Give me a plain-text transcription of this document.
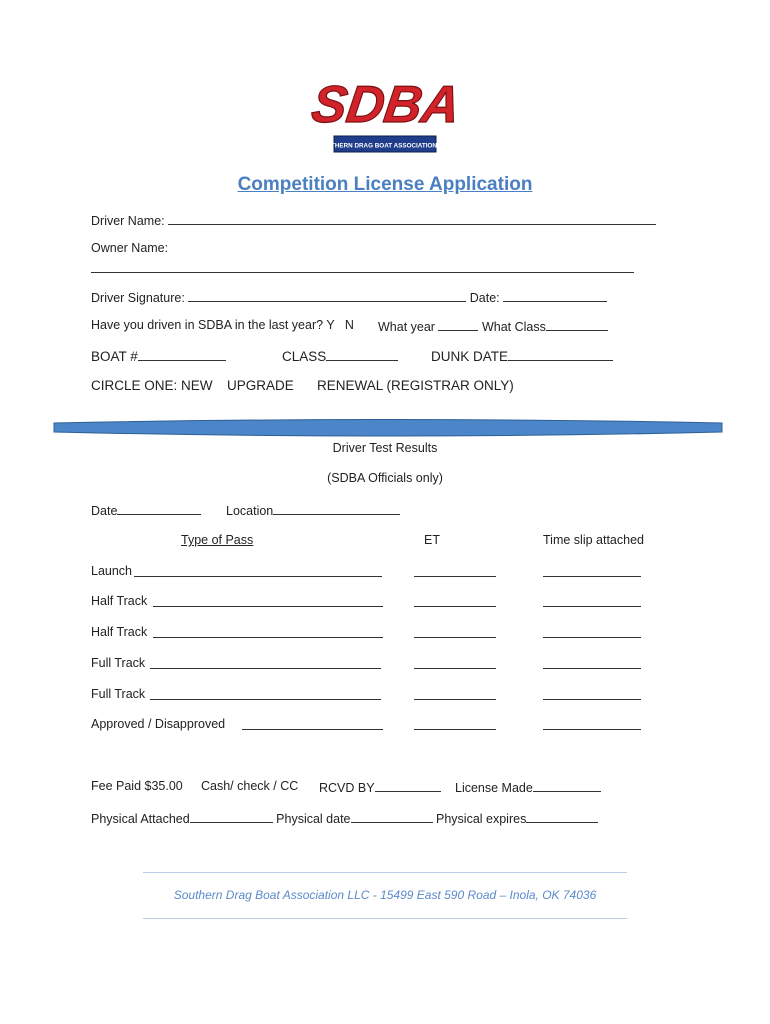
SDBA
SOUTHERN DRAG BOAT ASSOCIATION, LLC
Competition License Application
Driver Name:
Owner Name:
Driver Signature:	Date:
Have you driven in SDBA in the last year? Y N What year	What Class
BOAT #	CLASS	DUNK DATE
CIRCLE ONE: NEW UPGRADE RENEWAL (REGISTRAR ONLY)
Driver Test Results
(SDBA Officials only)
Date	Location
Type of Pass	ET	Time slip attached
Launch
Half Track
Half Track
Full Track
Full Track
Approved / Disapproved
Fee Paid $35.00 Cash/ check / CC RCVD BY	License Made
Physical Attached	Physical date	Physical expires
Southern Drag Boat Association LLC - 15499 East 590 Road – Inola, OK 74036
